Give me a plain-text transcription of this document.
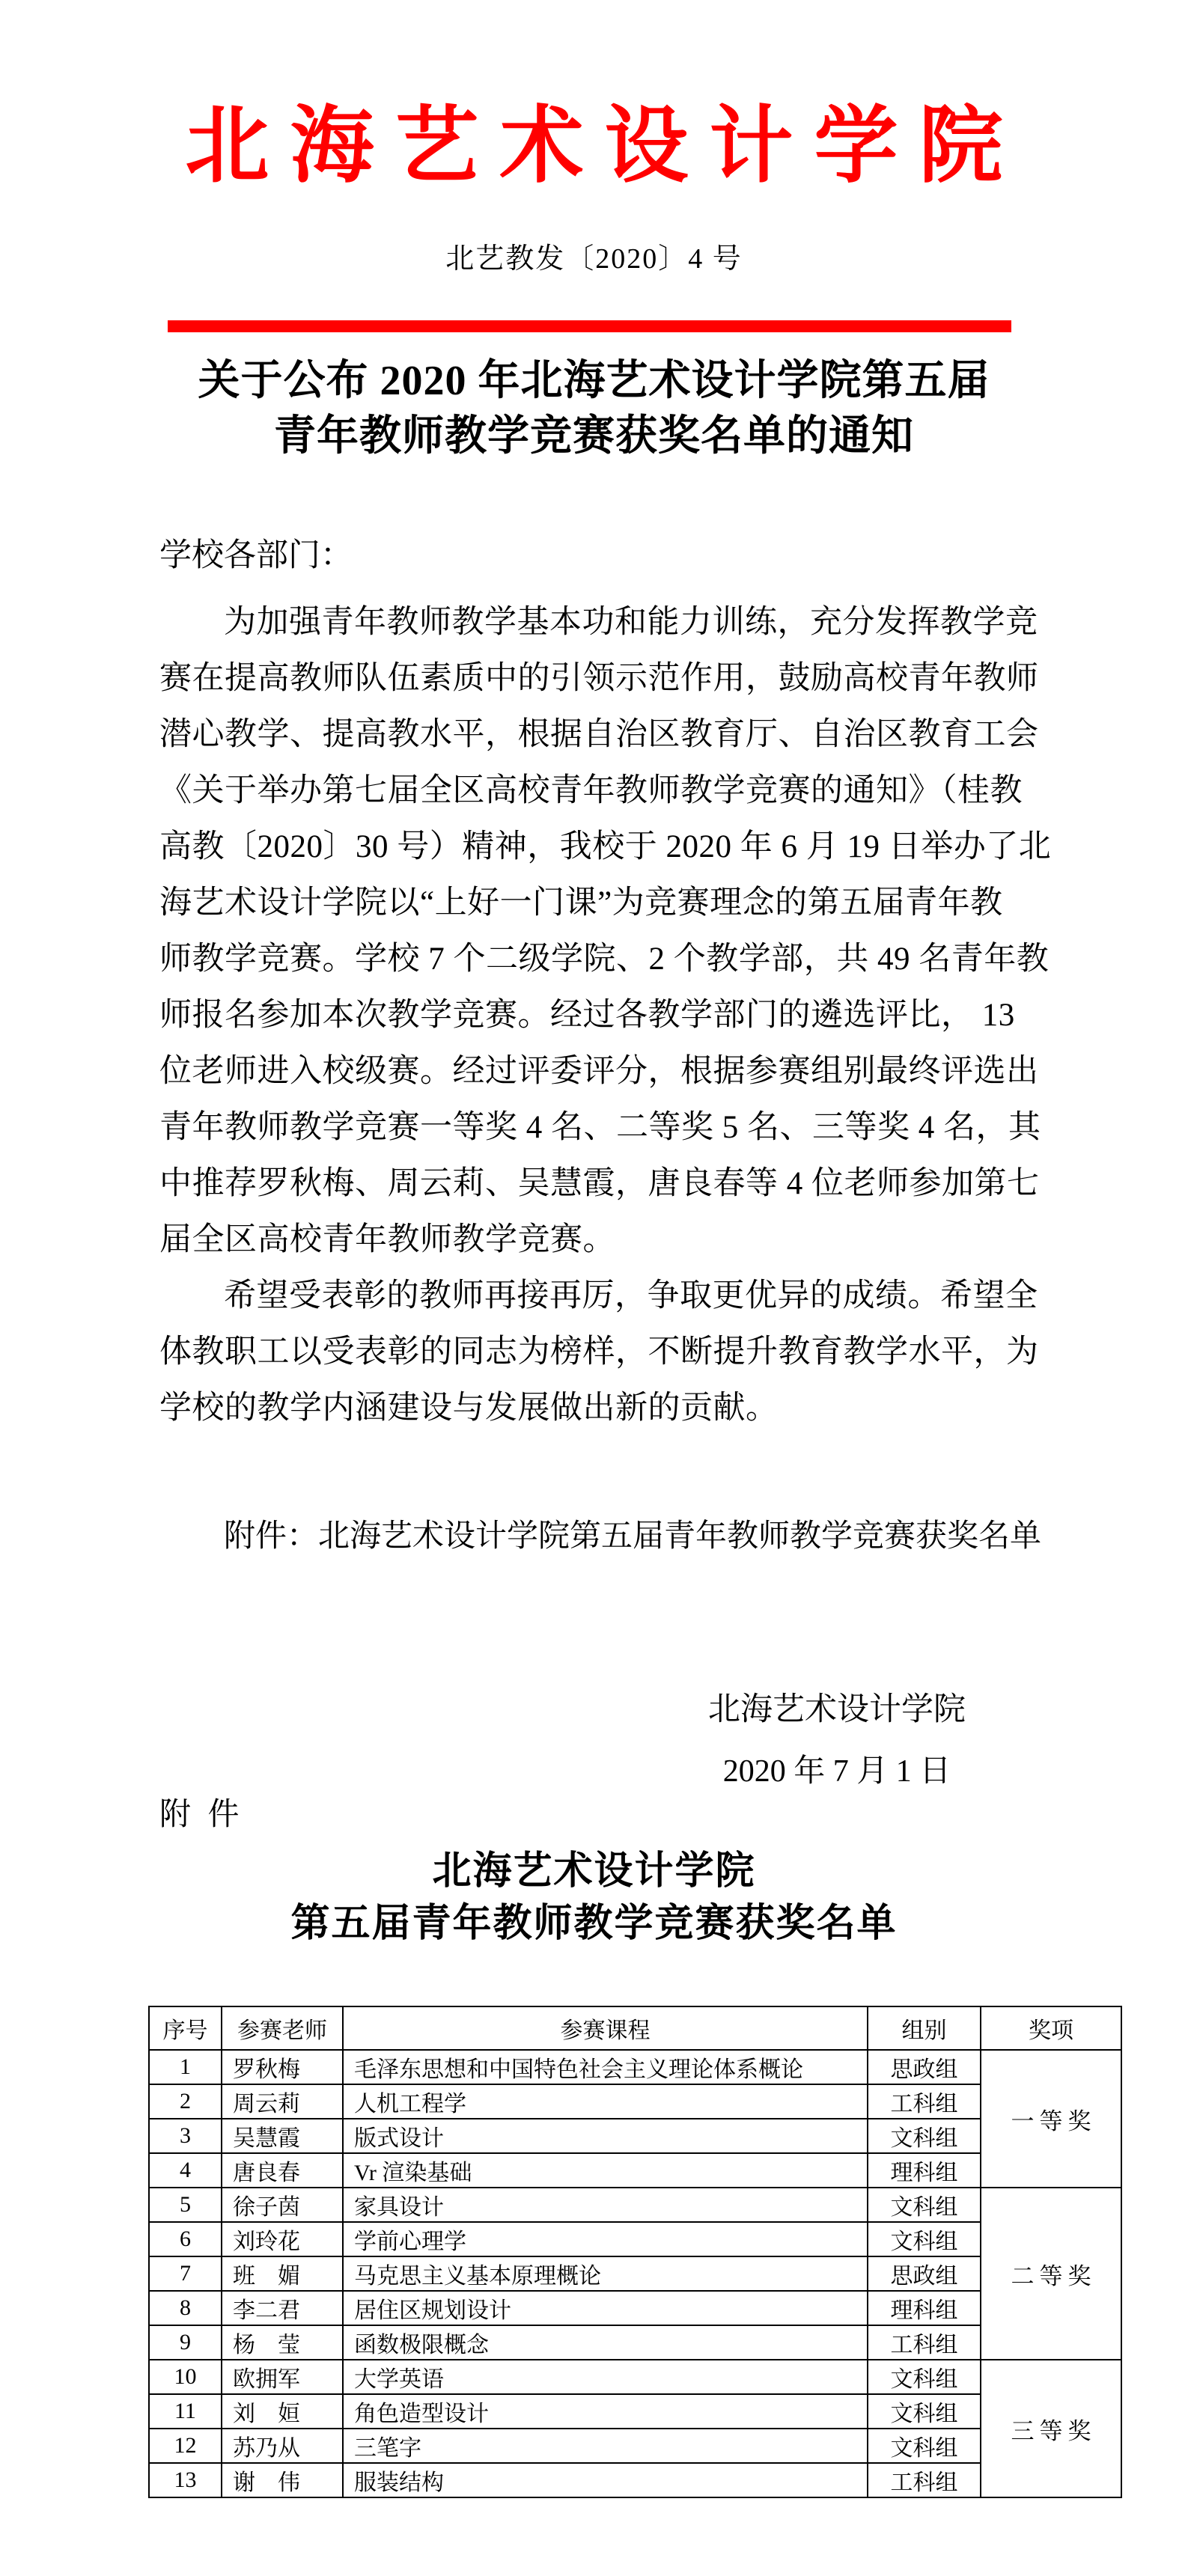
北海艺术设计学院
北艺教发〔2020〕4 号
关于公布 2020 年北海艺术设计学院第五届
青年教师教学竞赛获奖名单的通知
学校各部门：
为加强青年教师教学基本功和能力训练，充分发挥教学竞
赛在提高教师队伍素质中的引领示范作用，鼓励高校青年教师
潜心教学、提高教水平，根据自治区教育厅、自治区教育工会
《关于举办第七届全区高校青年教师教学竞赛的通知》（桂教
高教〔2020〕30 号）精神，我校于 2020 年 6 月 19 日举办了北
海艺术设计学院以“上好一门课”为竞赛理念的第五届青年教
师教学竞赛。学校 7 个二级学院、2 个教学部，共 49 名青年教
师报名参加本次教学竞赛。经过各教学部门的遴选评比， 13
位老师进入校级赛。经过评委评分，根据参赛组别最终评选出
青年教师教学竞赛一等奖 4 名、二等奖 5 名、三等奖 4 名，其
中推荐罗秋梅、周云莉、吴慧霞，唐良春等 4 位老师参加第七
届全区高校青年教师教学竞赛。
希望受表彰的教师再接再厉，争取更优异的成绩。希望全
体教职工以受表彰的同志为榜样，不断提升教育教学水平，为
学校的教学内涵建设与发展做出新的贡献。
附件：北海艺术设计学院第五届青年教师教学竞赛获奖名单
北海艺术设计学院
2020 年 7 月 1 日
附 件
北海艺术设计学院
第五届青年教师教学竞赛获奖名单
序号	参赛老师	参赛课程	组别	奖项
1	罗秋梅	毛泽东思想和中国特色社会主义理论体系概论	思政组	一等奖
2	周云莉	人机工程学	工科组	
3	吴慧霞	版式设计	文科组	
4	唐良春	Vr 渲染基础	理科组	
5	徐子茵	家具设计	文科组	二等奖
6	刘玲花	学前心理学	文科组	
7	班　媚	马克思主义基本原理概论	思政组	
8	李二君	居住区规划设计	理科组	
9	杨　莹	函数极限概念	工科组	
10	欧拥军	大学英语	文科组	三等奖
11	刘　姮	角色造型设计	文科组	
12	苏乃从	三笔字	文科组	
13	谢　伟	服装结构	工科组	
